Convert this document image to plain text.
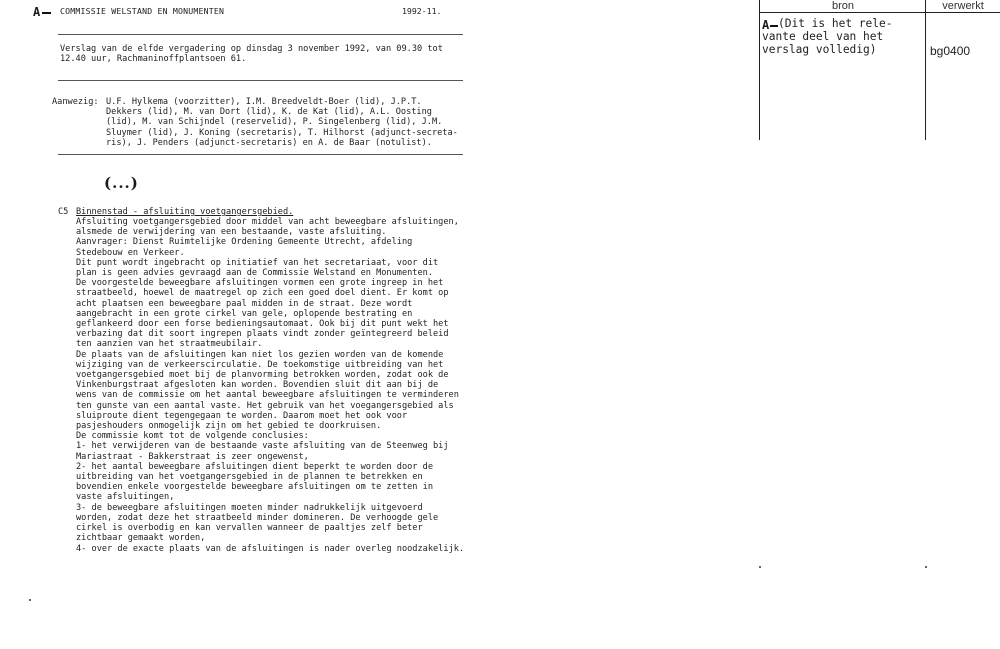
A	COMMISSIE WELSTAND EN MONUMENTEN	1992-11.
Verslag van de elfde vergadering op dinsdag 3 november 1992, van 09.30 tot
12.40 uur, Rachmaninoffplantsoen 61.
Aanwezig: U.F. Hylkema (voorzitter), I.M. Breedveldt-Boer (lid), J.P.T.
Dekkers (lid), M. van Dort (lid), K. de Kat (lid), A.L. Oosting
(lid), M. van Schijndel (reservelid), P. Singelenberg (lid), J.M.
Sluymer (lid), J. Koning (secretaris), T. Hilhorst (adjunct-secreta-
ris), J. Penders (adjunct-secretaris) en A. de Baar (notulist).
(...)
C5 Binnenstad - afsluiting voetgangersgebied.
Afsluiting voetgangersgebied door middel van acht beweegbare afsluitingen,
alsmede de verwijdering van een bestaande, vaste afsluiting.
Aanvrager: Dienst Ruimtelijke Ordening Gemeente Utrecht, afdeling
Stedebouw en Verkeer.
Dit punt wordt ingebracht op initiatief van het secretariaat, voor dit
plan is geen advies gevraagd aan de Commissie Welstand en Monumenten.
De voorgestelde beweegbare afsluitingen vormen een grote ingreep in het
straatbeeld, hoewel de maatregel op zich een goed doel dient. Er komt op
acht plaatsen een beweegbare paal midden in de straat. Deze wordt
aangebracht in een grote cirkel van gele, oplopende bestrating en
geflankeerd door een forse bedieningsautomaat. Ook bij dit punt wekt het
verbazing dat dit soort ingrepen plaats vindt zonder geïntegreerd beleid
ten aanzien van het straatmeubilair.
De plaats van de afsluitingen kan niet los gezien worden van de komende
wijziging van de verkeerscirculatie. De toekomstige uitbreiding van het
voetgangersgebied moet bij de planvorming betrokken worden, zodat ook de
Vinkenburgstraat afgesloten kan worden. Bovendien sluit dit aan bij de
wens van de commissie om het aantal beweegbare afsluitingen te verminderen
ten gunste van een aantal vaste. Het gebruik van het voegangersgebied als
sluiproute dient tegengegaan te worden. Daarom moet het ook voor
pasjeshouders onmogelijk zijn om het gebied te doorkruisen.
De commissie komt tot de volgende conclusies:
1- het verwijderen van de bestaande vaste afsluiting van de Steenweg bij
Mariastraat - Bakkerstraat is zeer ongewenst,
2- het aantal beweegbare afsluitingen dient beperkt te worden door de
uitbreiding van het voetgangersgebied in de plannen te betrekken en
bovendien enkele voorgestelde beweegbare afsluitingen om te zetten in
vaste afsluitingen,
3- de beweegbare afsluitingen moeten minder nadrukkelijk uitgevoerd
worden, zodat deze het straatbeeld minder domineren. De verhoogde gele
cirkel is overbodig en kan vervallen wanneer de paaltjes zelf beter
zichtbaar gemaakt worden,
4- over de exacte plaats van de afsluitingen is nader overleg noodzakelijk.
bron	verwerkt
A (Dit is het rele-
vante deel van het
verslag volledig)	bg0400
